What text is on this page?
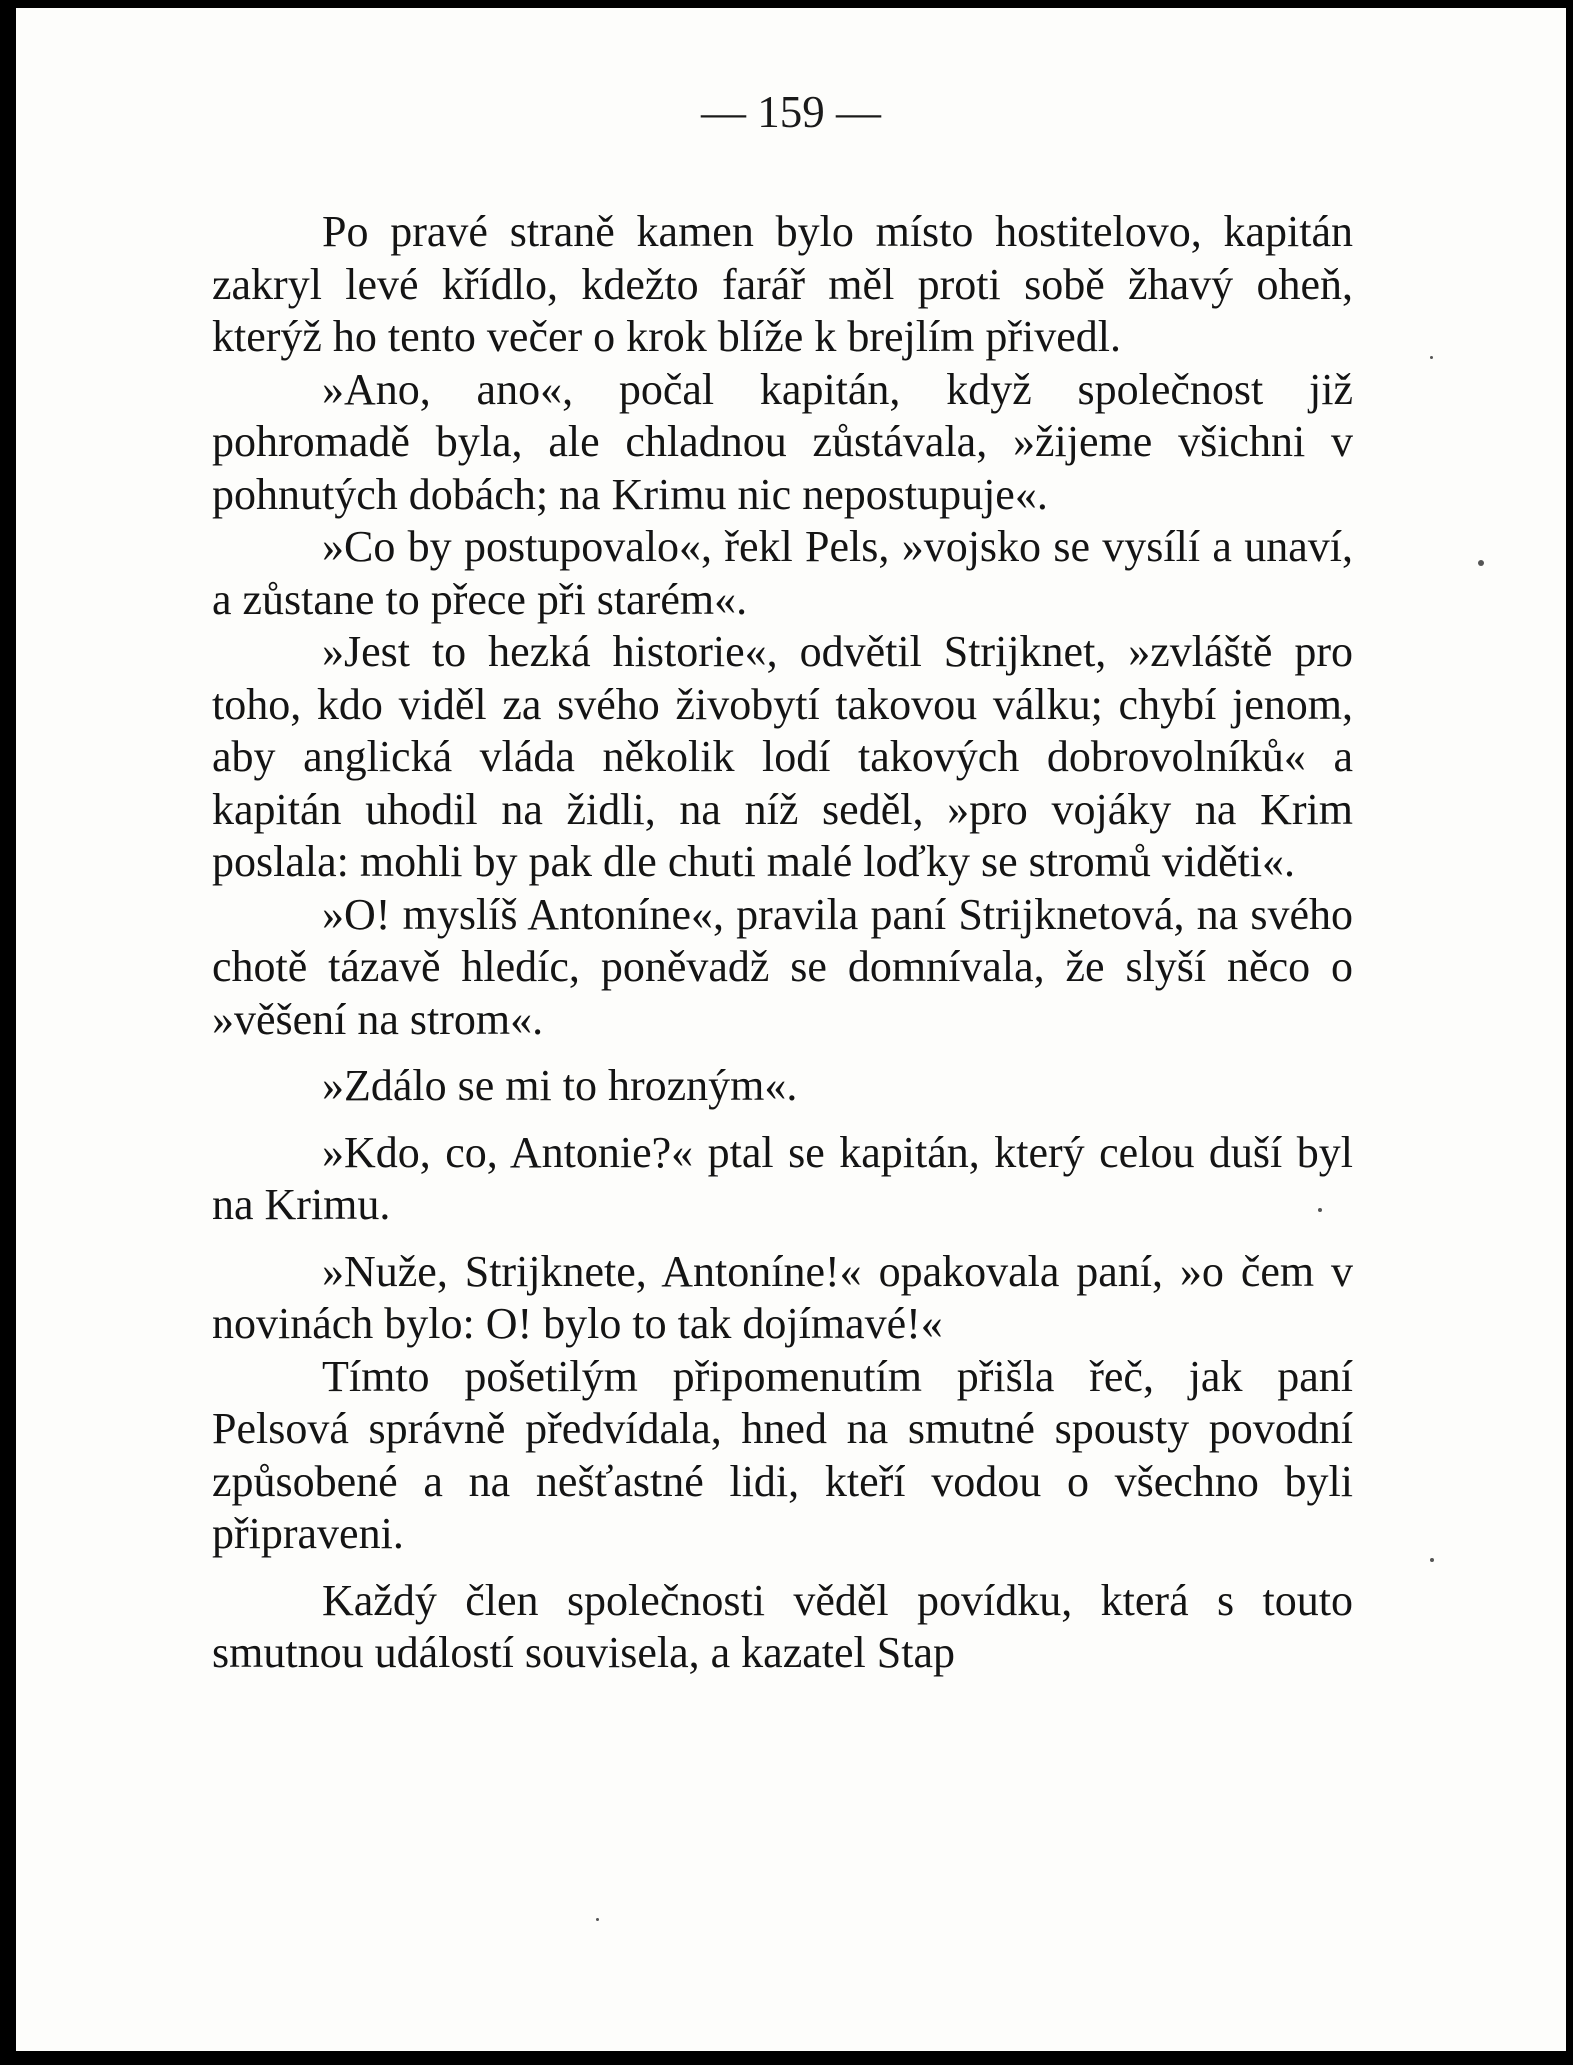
— 159 —

Po pravé straně kamen bylo místo hostitelovo, kapitán zakryl levé křídlo, kdežto farář měl proti sobě žhavý oheň, kterýž ho tento večer o krok blíže k brejlím přivedl.

»Ano, ano«, počal kapitán, když společnost již pohromadě byla, ale chladnou zůstávala, »žijeme všichni v pohnutých dobách; na Krimu nic nepostupuje«.

»Co by postupovalo«, řekl Pels, »vojsko se vysílí a unaví, a zůstane to přece při starém«.

»Jest to hezká historie«, odvětil Strijknet, »zvláště pro toho, kdo viděl za svého živobytí takovou válku; chybí jenom, aby anglická vláda několik lodí takových dobrovolníků« a kapitán uhodil na židli, na níž seděl, »pro vojáky na Krim poslala: mohli by pak dle chuti malé loďky se stromů viděti«.

»O! myslíš Antoníne«, pravila paní Strijknetová, na svého chotě tázavě hledíc, poněvadž se domnívala, že slyší něco o »věšení na strom«.

»Zdálo se mi to hrozným«.

»Kdo, co, Antonie?« ptal se kapitán, který celou duší byl na Krimu.

»Nuže, Strijknete, Antoníne!« opakovala paní, »o čem v novinách bylo: O! bylo to tak dojímavé!«

Tímto pošetilým připomenutím přišla řeč, jak paní Pelsová správně předvídala, hned na smutné spousty povodní způsobené a na nešťastné lidi, kteří vodou o všechno byli připraveni.

Každý člen společnosti věděl povídku, která s toutо smutnou událostí souvisela, a kazatel Stap
